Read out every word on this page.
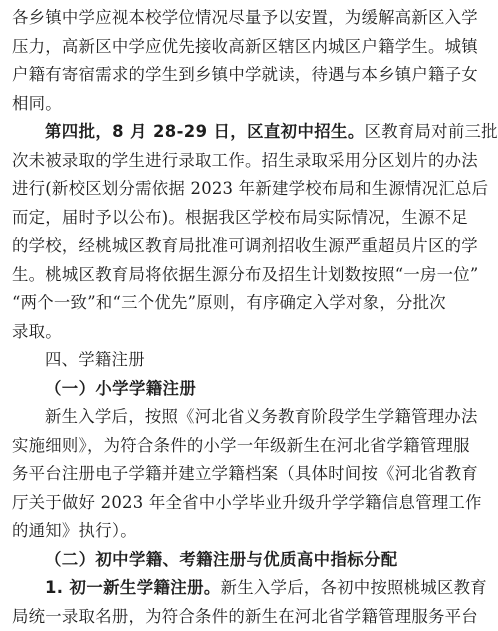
各乡镇中学应视本校学位情况尽量予以安置，为缓解高新区入学
压力，高新区中学应优先接收高新区辖区内城区户籍学生。城镇
户籍有寄宿需求的学生到乡镇中学就读，待遇与本乡镇户籍子女
相同。
第四批，8 月 28-29 日，区直初中招生。区教育局对前三批
次未被录取的学生进行录取工作。招生录取采用分区划片的办法
进行(新校区划分需依据 2023 年新建学校布局和生源情况汇总后
而定，届时予以公布)。根据我区学校布局实际情况，生源不足
的学校，经桃城区教育局批准可调剂招收生源严重超员片区的学
生。桃城区教育局将依据生源分布及招生计划数按照“一房一位”
“两个一致”和“三个优先”原则，有序确定入学对象，分批次
录取。
四、学籍注册
（一）小学学籍注册
新生入学后，按照《河北省义务教育阶段学生学籍管理办法
实施细则》，为符合条件的小学一年级新生在河北省学籍管理服
务平台注册电子学籍并建立学籍档案（具体时间按《河北省教育
厅关于做好 2023 年全省中小学毕业升级升学学籍信息管理工作
的通知》执行）。
（二）初中学籍、考籍注册与优质高中指标分配
1. 初一新生学籍注册。新生入学后，各初中按照桃城区教育
局统一录取名册，为符合条件的新生在河北省学籍管理服务平台
